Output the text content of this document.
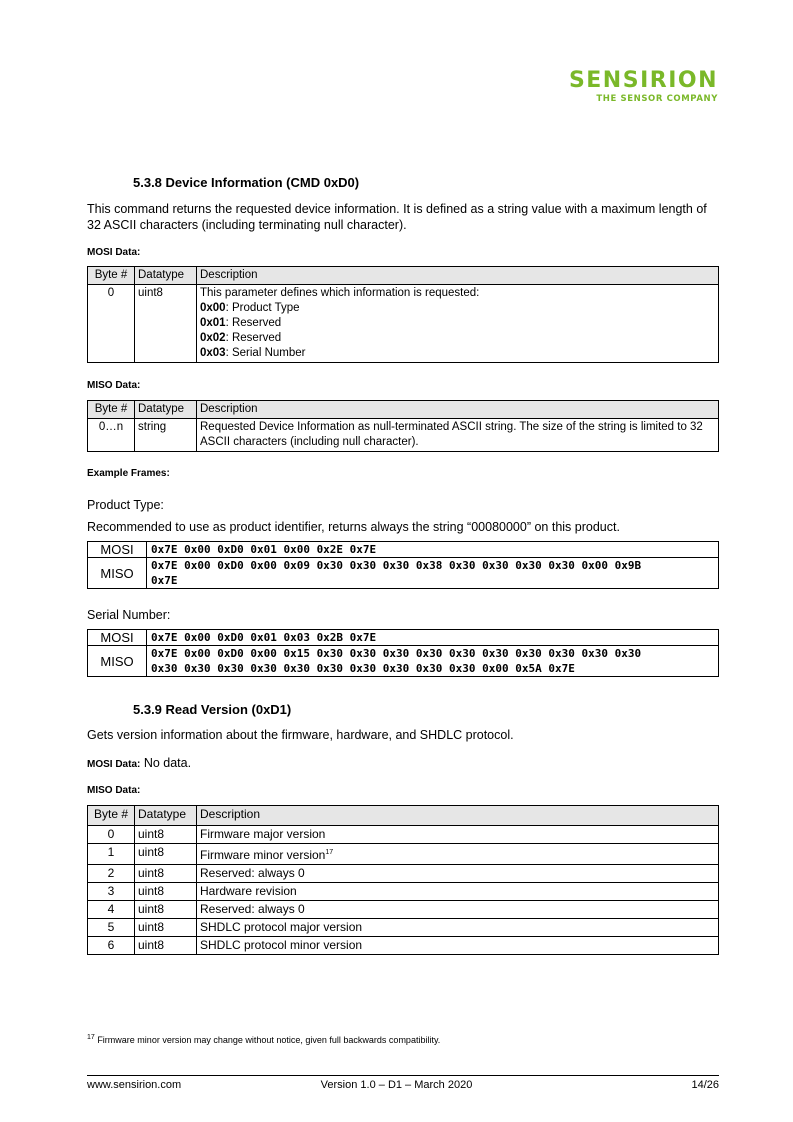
SENSIRION
THE SENSOR COMPANY
5.3.8 Device Information (CMD 0xD0)
This command returns the requested device information. It is defined as a string value with a maximum length of 32 ASCII characters (including terminating null character).
MOSI Data:
Byte #	Datatype	Description
0	uint8	This parameter defines which information is requested:
0x00: Product Type
0x01: Reserved
0x02: Reserved
0x03: Serial Number
MISO Data:
Byte #	Datatype	Description
0…n	string	Requested Device Information as null-terminated ASCII string. The size of the string is limited to 32 ASCII characters (including null character).
Example Frames:
Product Type:
Recommended to use as product identifier, returns always the string “00080000” on this product.
MOSI	0x7E 0x00 0xD0 0x01 0x00 0x2E 0x7E
MISO	0x7E 0x00 0xD0 0x00 0x09 0x30 0x30 0x30 0x38 0x30 0x30 0x30 0x30 0x00 0x9B
0x7E
Serial Number:
MOSI	0x7E 0x00 0xD0 0x01 0x03 0x2B 0x7E
MISO	0x7E 0x00 0xD0 0x00 0x15 0x30 0x30 0x30 0x30 0x30 0x30 0x30 0x30 0x30 0x30
0x30 0x30 0x30 0x30 0x30 0x30 0x30 0x30 0x30 0x30 0x00 0x5A 0x7E
5.3.9 Read Version (0xD1)
Gets version information about the firmware, hardware, and SHDLC protocol.
MOSI Data: No data.
MISO Data:
Byte #	Datatype	Description
0	uint8	Firmware major version
1	uint8	Firmware minor version$^{17}$
2	uint8	Reserved: always 0
3	uint8	Hardware revision
4	uint8	Reserved: always 0
5	uint8	SHDLC protocol major version
6	uint8	SHDLC protocol minor version
$^{17}$ Firmware minor version may change without notice, given full backwards compatibility.
www.sensirion.com	Version 1.0 – D1 – March 2020	14/26
